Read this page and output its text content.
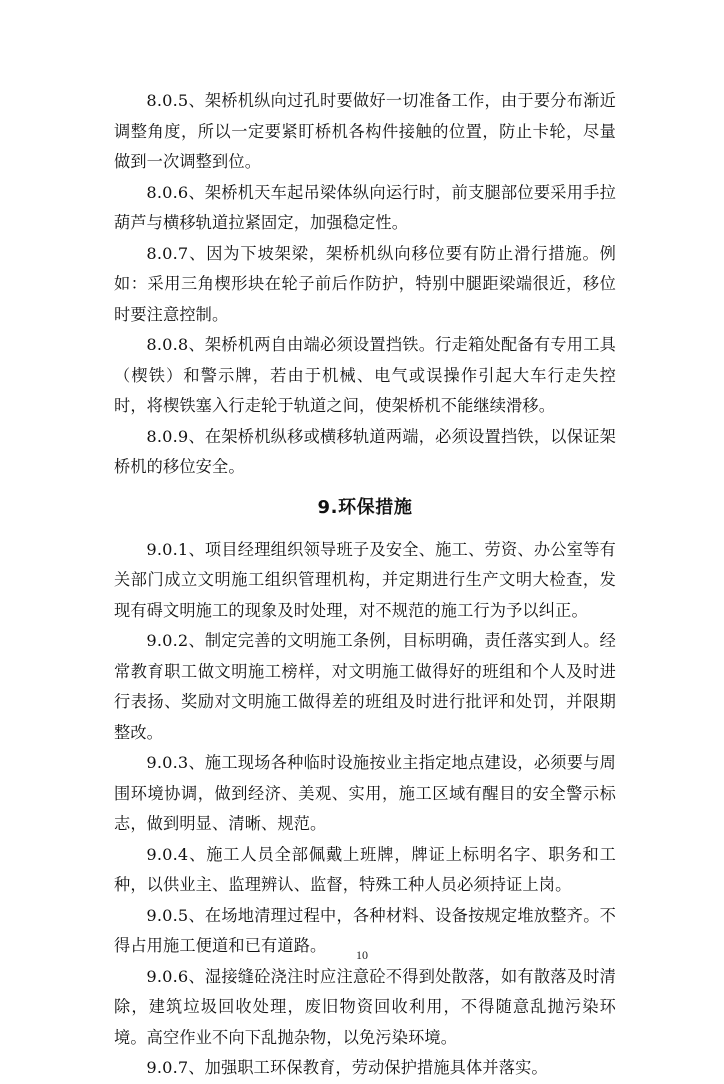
8.0.5、架桥机纵向过孔时要做好一切准备工作，由于要分布渐近调整角度，所以一定要紧盯桥机各构件接触的位置，防止卡轮，尽量做到一次调整到位。

8.0.6、架桥机天车起吊梁体纵向运行时，前支腿部位要采用手拉葫芦与横移轨道拉紧固定，加强稳定性。

8.0.7、因为下坡架梁，架桥机纵向移位要有防止滑行措施。例如：采用三角楔形块在轮子前后作防护，特别中腿距梁端很近，移位时要注意控制。

8.0.8、架桥机两自由端必须设置挡铁。行走箱处配备有专用工具（楔铁）和警示牌，若由于机械、电气或误操作引起大车行走失控时，将楔铁塞入行走轮于轨道之间，使架桥机不能继续滑移。

8.0.9、在架桥机纵移或横移轨道两端，必须设置挡铁，以保证架桥机的移位安全。

9.环保措施

9.0.1、项目经理组织领导班子及安全、施工、劳资、办公室等有关部门成立文明施工组织管理机构，并定期进行生产文明大检查，发现有碍文明施工的现象及时处理，对不规范的施工行为予以纠正。

9.0.2、制定完善的文明施工条例，目标明确，责任落实到人。经常教育职工做文明施工榜样，对文明施工做得好的班组和个人及时进行表扬、奖励对文明施工做得差的班组及时进行批评和处罚，并限期整改。

9.0.3、施工现场各种临时设施按业主指定地点建设，必须要与周围环境协调，做到经济、美观、实用，施工区域有醒目的安全警示标志，做到明显、清晰、规范。

9.0.4、施工人员全部佩戴上班牌，牌证上标明名字、职务和工种，以供业主、监理辨认、监督，特殊工种人员必须持证上岗。

9.0.5、在场地清理过程中，各种材料、设备按规定堆放整齐。不得占用施工便道和已有道路。

9.0.6、湿接缝砼浇注时应注意砼不得到处散落，如有散落及时清除，建筑垃圾回收处理，废旧物资回收利用，不得随意乱抛污染环境。高空作业不向下乱抛杂物，以免污染环境。

9.0.7、加强职工环保教育，劳动保护措施具体并落实。

10
